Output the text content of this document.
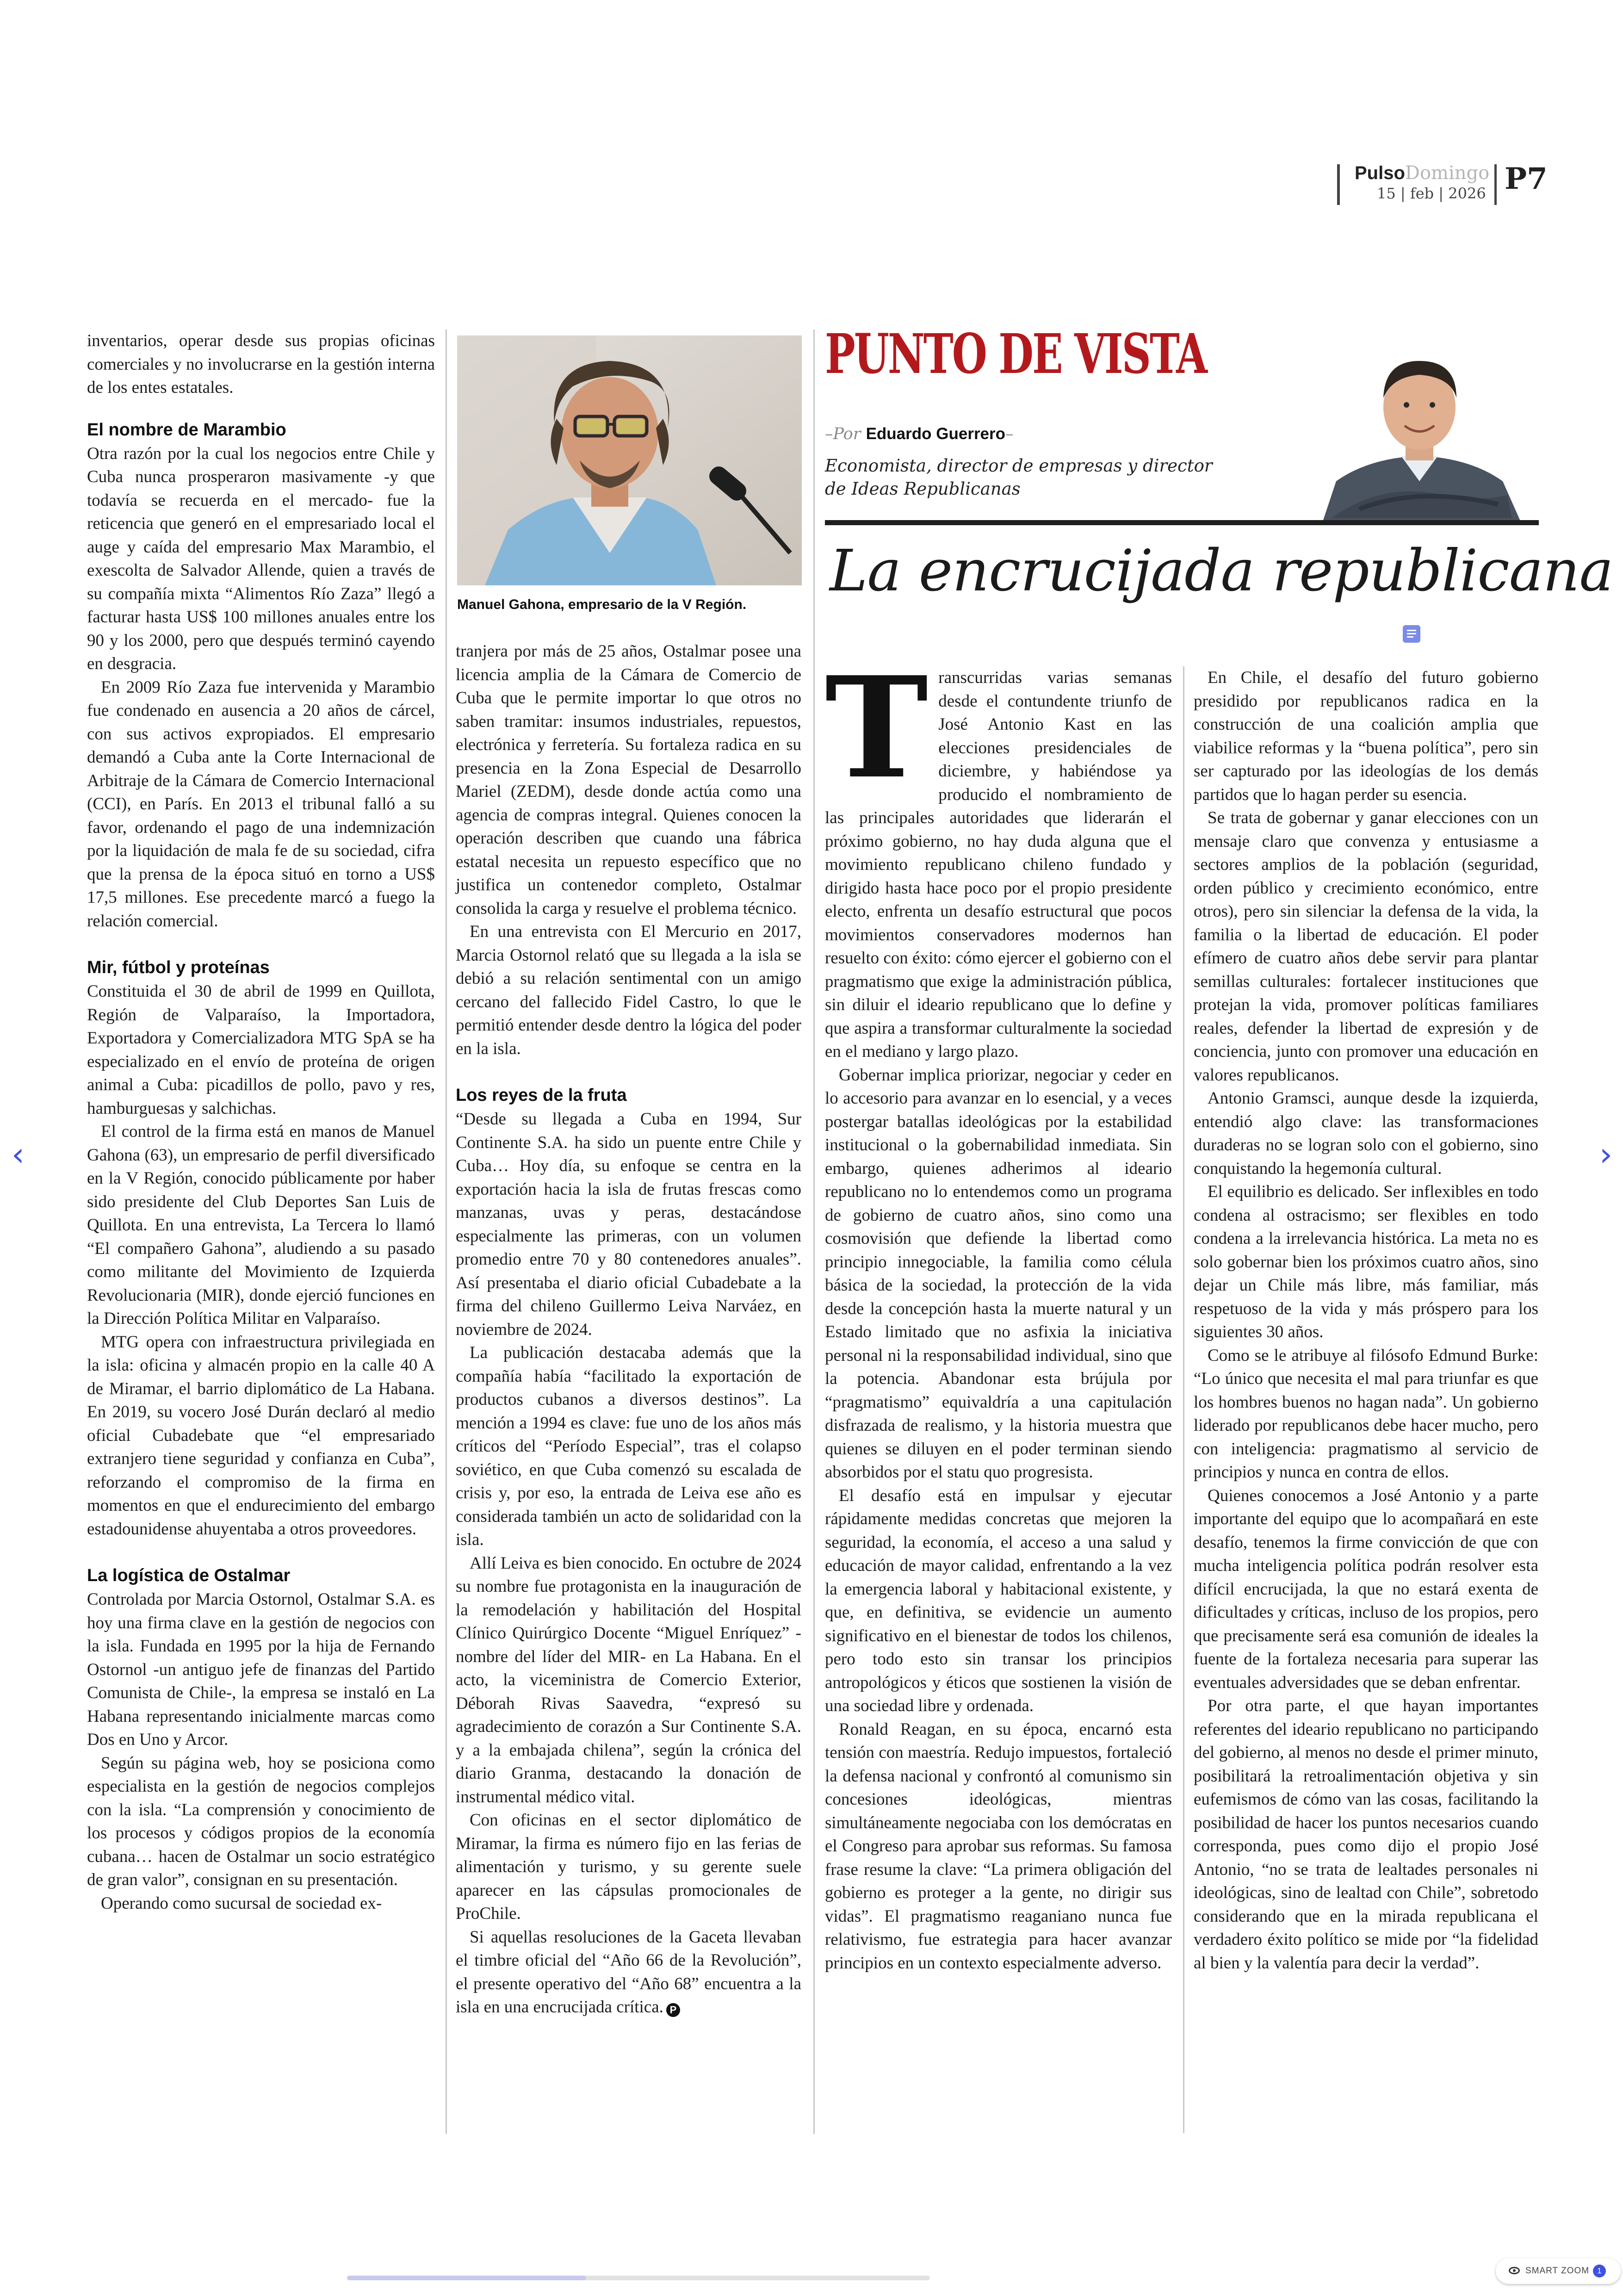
PulsoDomingo
15 | feb | 2026 P7

inventarios, operar desde sus propias oficinas comerciales y no involucrarse en la gestión interna de los entes estatales.

El nombre de Marambio

Otra razón por la cual los negocios entre Chile y Cuba nunca prosperaron masivamente -y que todavía se recuerda en el mercado- fue la reticencia que generó en el empresariado local el auge y caída del empresario Max Marambio, el exescolta de Salvador Allende, quien a través de su compañía mixta “Alimentos Río Zaza” llegó a facturar hasta US$ 100 millones anuales entre los 90 y los 2000, pero que después terminó cayendo en desgracia.

En 2009 Río Zaza fue intervenida y Marambio fue condenado en ausencia a 20 años de cárcel, con sus activos expropiados. El empresario demandó a Cuba ante la Corte Internacional de Arbitraje de la Cámara de Comercio Internacional (CCI), en París. En 2013 el tribunal falló a su favor, ordenando el pago de una indemnización por la liquidación de mala fe de su sociedad, cifra que la prensa de la época situó en torno a US$ 17,5 millones. Ese precedente marcó a fuego la relación comercial.

Mir, fútbol y proteínas

Constituida el 30 de abril de 1999 en Quillota, Región de Valparaíso, la Importadora, Exportadora y Comercializadora MTG SpA se ha especializado en el envío de proteína de origen animal a Cuba: picadillos de pollo, pavo y res, hamburguesas y salchichas.

El control de la firma está en manos de Manuel Gahona (63), un empresario de perfil diversificado en la V Región, conocido públicamente por haber sido presidente del Club Deportes San Luis de Quillota. En una entrevista, La Tercera lo llamó “El compañero Gahona”, aludiendo a su pasado como militante del Movimiento de Izquierda Revolucionaria (MIR), donde ejerció funciones en la Dirección Política Militar en Valparaíso.

MTG opera con infraestructura privilegiada en la isla: oficina y almacén propio en la calle 40 A de Miramar, el barrio diplomático de La Habana. En 2019, su vocero José Durán declaró al medio oficial Cubadebate que “el empresariado extranjero tiene seguridad y confianza en Cuba”, reforzando el compromiso de la firma en momentos en que el endurecimiento del embargo estadounidense ahuyentaba a otros proveedores.

La logística de Ostalmar

Controlada por Marcia Ostornol, Ostalmar S.A. es hoy una firma clave en la gestión de negocios con la isla. Fundada en 1995 por la hija de Fernando Ostornol -un antiguo jefe de finanzas del Partido Comunista de Chile-, la empresa se instaló en La Habana representando inicialmente marcas como Dos en Uno y Arcor.

Según su página web, hoy se posiciona como especialista en la gestión de negocios complejos con la isla. “La comprensión y conocimiento de los procesos y códigos propios de la economía cubana… hacen de Ostalmar un socio estratégico de gran valor”, consignan en su presentación.

Operando como sucursal de sociedad ex-

Manuel Gahona, empresario de la V Región.

tranjera por más de 25 años, Ostalmar posee una licencia amplia de la Cámara de Comercio de Cuba que le permite importar lo que otros no saben tramitar: insumos industriales, repuestos, electrónica y ferretería. Su fortaleza radica en su presencia en la Zona Especial de Desarrollo Mariel (ZEDM), desde donde actúa como una agencia de compras integral. Quienes conocen la operación describen que cuando una fábrica estatal necesita un repuesto específico que no justifica un contenedor completo, Ostalmar consolida la carga y resuelve el problema técnico.

En una entrevista con El Mercurio en 2017, Marcia Ostornol relató que su llegada a la isla se debió a su relación sentimental con un amigo cercano del fallecido Fidel Castro, lo que le permitió entender desde dentro la lógica del poder en la isla.

Los reyes de la fruta

“Desde su llegada a Cuba en 1994, Sur Continente S.A. ha sido un puente entre Chile y Cuba… Hoy día, su enfoque se centra en la exportación hacia la isla de frutas frescas como manzanas, uvas y peras, destacándose especialmente las primeras, con un volumen promedio entre 70 y 80 contenedores anuales”. Así presentaba el diario oficial Cubadebate a la firma del chileno Guillermo Leiva Narváez, en noviembre de 2024.

La publicación destacaba además que la compañía había “facilitado la exportación de productos cubanos a diversos destinos”. La mención a 1994 es clave: fue uno de los años más críticos del “Período Especial”, tras el colapso soviético, en que Cuba comenzó su escalada de crisis y, por eso, la entrada de Leiva ese año es considerada también un acto de solidaridad con la isla.

Allí Leiva es bien conocido. En octubre de 2024 su nombre fue protagonista en la inauguración de la remodelación y habilitación del Hospital Clínico Quirúrgico Docente “Miguel Enríquez” -nombre del líder del MIR- en La Habana. En el acto, la viceministra de Comercio Exterior, Déborah Rivas Saavedra, “expresó su agradecimiento de corazón a Sur Continente S.A. y a la embajada chilena”, según la crónica del diario Granma, destacando la donación de instrumental médico vital.

Con oficinas en el sector diplomático de Miramar, la firma es número fijo en las ferias de alimentación y turismo, y su gerente suele aparecer en las cápsulas promocionales de ProChile.

Si aquellas resoluciones de la Gaceta llevaban el timbre oficial del “Año 66 de la Revolución”, el presente operativo del “Año 68” encuentra a la isla en una encrucijada crítica. P

PUNTO DE VISTA
–Por Eduardo Guerrero–
Economista, director de empresas y director de Ideas Republicanas
La encrucijada republicana

Transcurridas varias semanas desde el contundente triunfo de José Antonio Kast en las elecciones presidenciales de diciembre, y habiéndose ya producido el nombramiento de las principales autoridades que liderarán el próximo gobierno, no hay duda alguna que el movimiento republicano chileno fundado y dirigido hasta hace poco por el propio presidente electo, enfrenta un desafío estructural que pocos movimientos conservadores modernos han resuelto con éxito: cómo ejercer el gobierno con el pragmatismo que exige la administración pública, sin diluir el ideario republicano que lo define y que aspira a transformar culturalmente la sociedad en el mediano y largo plazo.

Gobernar implica priorizar, negociar y ceder en lo accesorio para avanzar en lo esencial, y a veces postergar batallas ideológicas por la estabilidad institucional o la gobernabilidad inmediata. Sin embargo, quienes adherimos al ideario republicano no lo entendemos como un programa de gobierno de cuatro años, sino como una cosmovisión que defiende la libertad como principio innegociable, la familia como célula básica de la sociedad, la protección de la vida desde la concepción hasta la muerte natural y un Estado limitado que no asfixia la iniciativa personal ni la responsabilidad individual, sino que la potencia. Abandonar esta brújula por “pragmatismo” equivaldría a una capitulación disfrazada de realismo, y la historia muestra que quienes se diluyen en el poder terminan siendo absorbidos por el statu quo progresista.

El desafío está en impulsar y ejecutar rápidamente medidas concretas que mejoren la seguridad, la economía, el acceso a una salud y educación de mayor calidad, enfrentando a la vez la emergencia laboral y habitacional existente, y que, en definitiva, se evidencie un aumento significativo en el bienestar de todos los chilenos, pero todo esto sin transar los principios antropológicos y éticos que sostienen la visión de una sociedad libre y ordenada.

Ronald Reagan, en su época, encarnó esta tensión con maestría. Redujo impuestos, fortaleció la defensa nacional y confrontó al comunismo sin concesiones ideológicas, mientras simultáneamente negociaba con los demócratas en el Congreso para aprobar sus reformas. Su famosa frase resume la clave: “La primera obligación del gobierno es proteger a la gente, no dirigir sus vidas”. El pragmatismo reaganiano nunca fue relativismo, fue estrategia para hacer avanzar principios en un contexto especialmente adverso.

En Chile, el desafío del futuro gobierno presidido por republicanos radica en la construcción de una coalición amplia que viabilice reformas y la “buena política”, pero sin ser capturado por las ideologías de los demás partidos que lo hagan perder su esencia.

Se trata de gobernar y ganar elecciones con un mensaje claro que convenza y entusiasme a sectores amplios de la población (seguridad, orden público y crecimiento económico, entre otros), pero sin silenciar la defensa de la vida, la familia o la libertad de educación. El poder efímero de cuatro años debe servir para plantar semillas culturales: fortalecer instituciones que protejan la vida, promover políticas familiares reales, defender la libertad de expresión y de conciencia, junto con promover una educación en valores republicanos.

Antonio Gramsci, aunque desde la izquierda, entendió algo clave: las transformaciones duraderas no se logran solo con el gobierno, sino conquistando la hegemonía cultural.

El equilibrio es delicado. Ser inflexibles en todo condena al ostracismo; ser flexibles en todo condena a la irrelevancia histórica. La meta no es solo gobernar bien los próximos cuatro años, sino dejar un Chile más libre, más familiar, más respetuoso de la vida y más próspero para los siguientes 30 años.

Como se le atribuye al filósofo Edmund Burke: “Lo único que necesita el mal para triunfar es que los hombres buenos no hagan nada”. Un gobierno liderado por republicanos debe hacer mucho, pero con inteligencia: pragmatismo al servicio de principios y nunca en contra de ellos.

Quienes conocemos a José Antonio y a parte importante del equipo que lo acompañará en este desafío, tenemos la firme convicción de que con mucha inteligencia política podrán resolver esta difícil encrucijada, la que no estará exenta de dificultades y críticas, incluso de los propios, pero que precisamente será esa comunión de ideales la fuente de la fortaleza necesaria para superar las eventuales adversidades que se deban enfrentar.

Por otra parte, el que hayan importantes referentes del ideario republicano no participando del gobierno, al menos no desde el primer minuto, posibilitará la retroalimentación objetiva y sin eufemismos de cómo van las cosas, facilitando la posibilidad de hacer los puntos necesarios cuando corresponda, pues como dijo el propio José Antonio, “no se trata de lealtades personales ni ideológicas, sino de lealtad con Chile”, sobretodo considerando que en la mirada republicana el verdadero éxito político se mide por “la fidelidad al bien y la valentía para decir la verdad”.

‹	›
SMART ZOOM	1
